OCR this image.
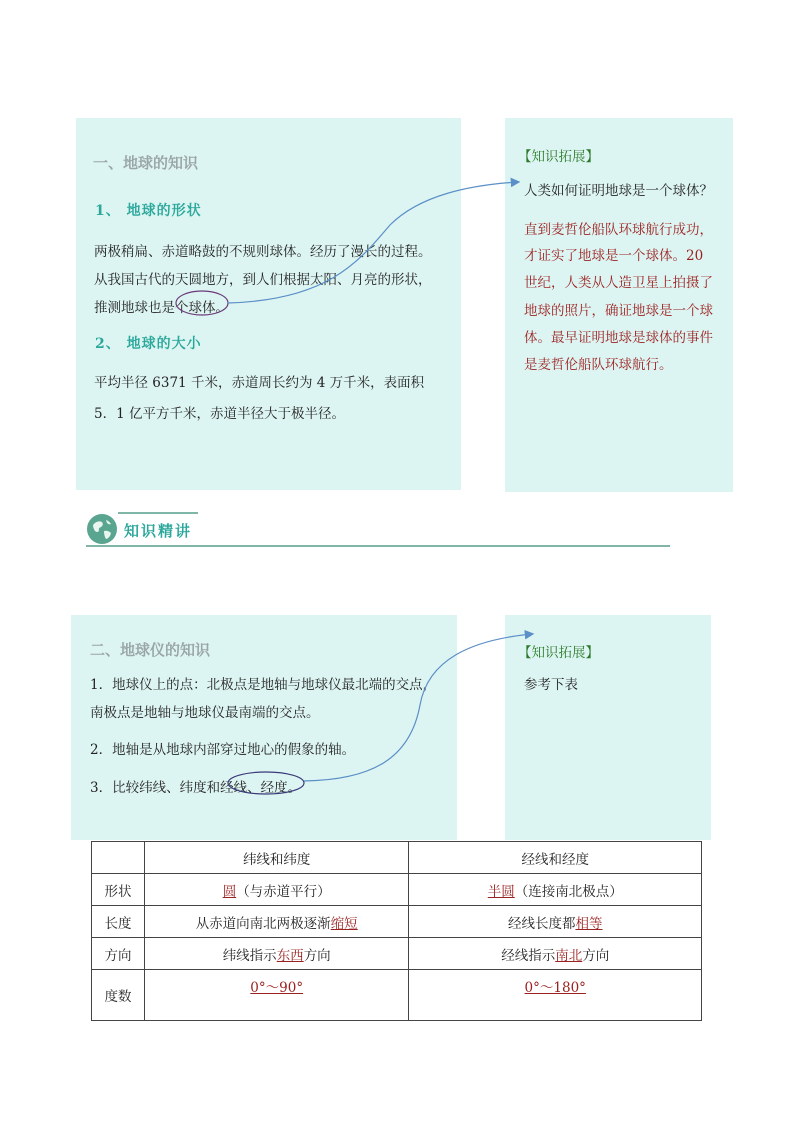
一、地球的知识
1、 地球的形状
两极稍扁、赤道略鼓的不规则球体。经历了漫长的过程。
从我国古代的天圆地方，到人们根据太阳、月亮的形状，
推测地球也是个球体。
2、 地球的大小
平均半径 6371 千米，赤道周长约为 4 万千米，表面积
5．1 亿平方千米，赤道半径大于极半径。
【知识拓展】
人类如何证明地球是一个球体？
直到麦哲伦船队环球航行成功，
才证实了地球是一个球体。20
世纪，人类从人造卫星上拍摄了
地球的照片，确证地球是一个球
体。最早证明地球是球体的事件
是麦哲伦船队环球航行。
知识精讲
二、地球仪的知识
1．地球仪上的点：北极点是地轴与地球仪最北端的交点，
南极点是地轴与地球仪最南端的交点。
2．地轴是从地球内部穿过地心的假象的轴。
3．比较纬线、纬度和经线、经度。
【知识拓展】
参考下表
	纬线和纬度	经线和经度
形状	圆（与赤道平行）	半圆（连接南北极点）
长度	从赤道向南北两极逐渐缩短	经线长度都相等
方向	纬线指示东西方向	经线指示南北方向
度数	0°～90°	0°～180°
